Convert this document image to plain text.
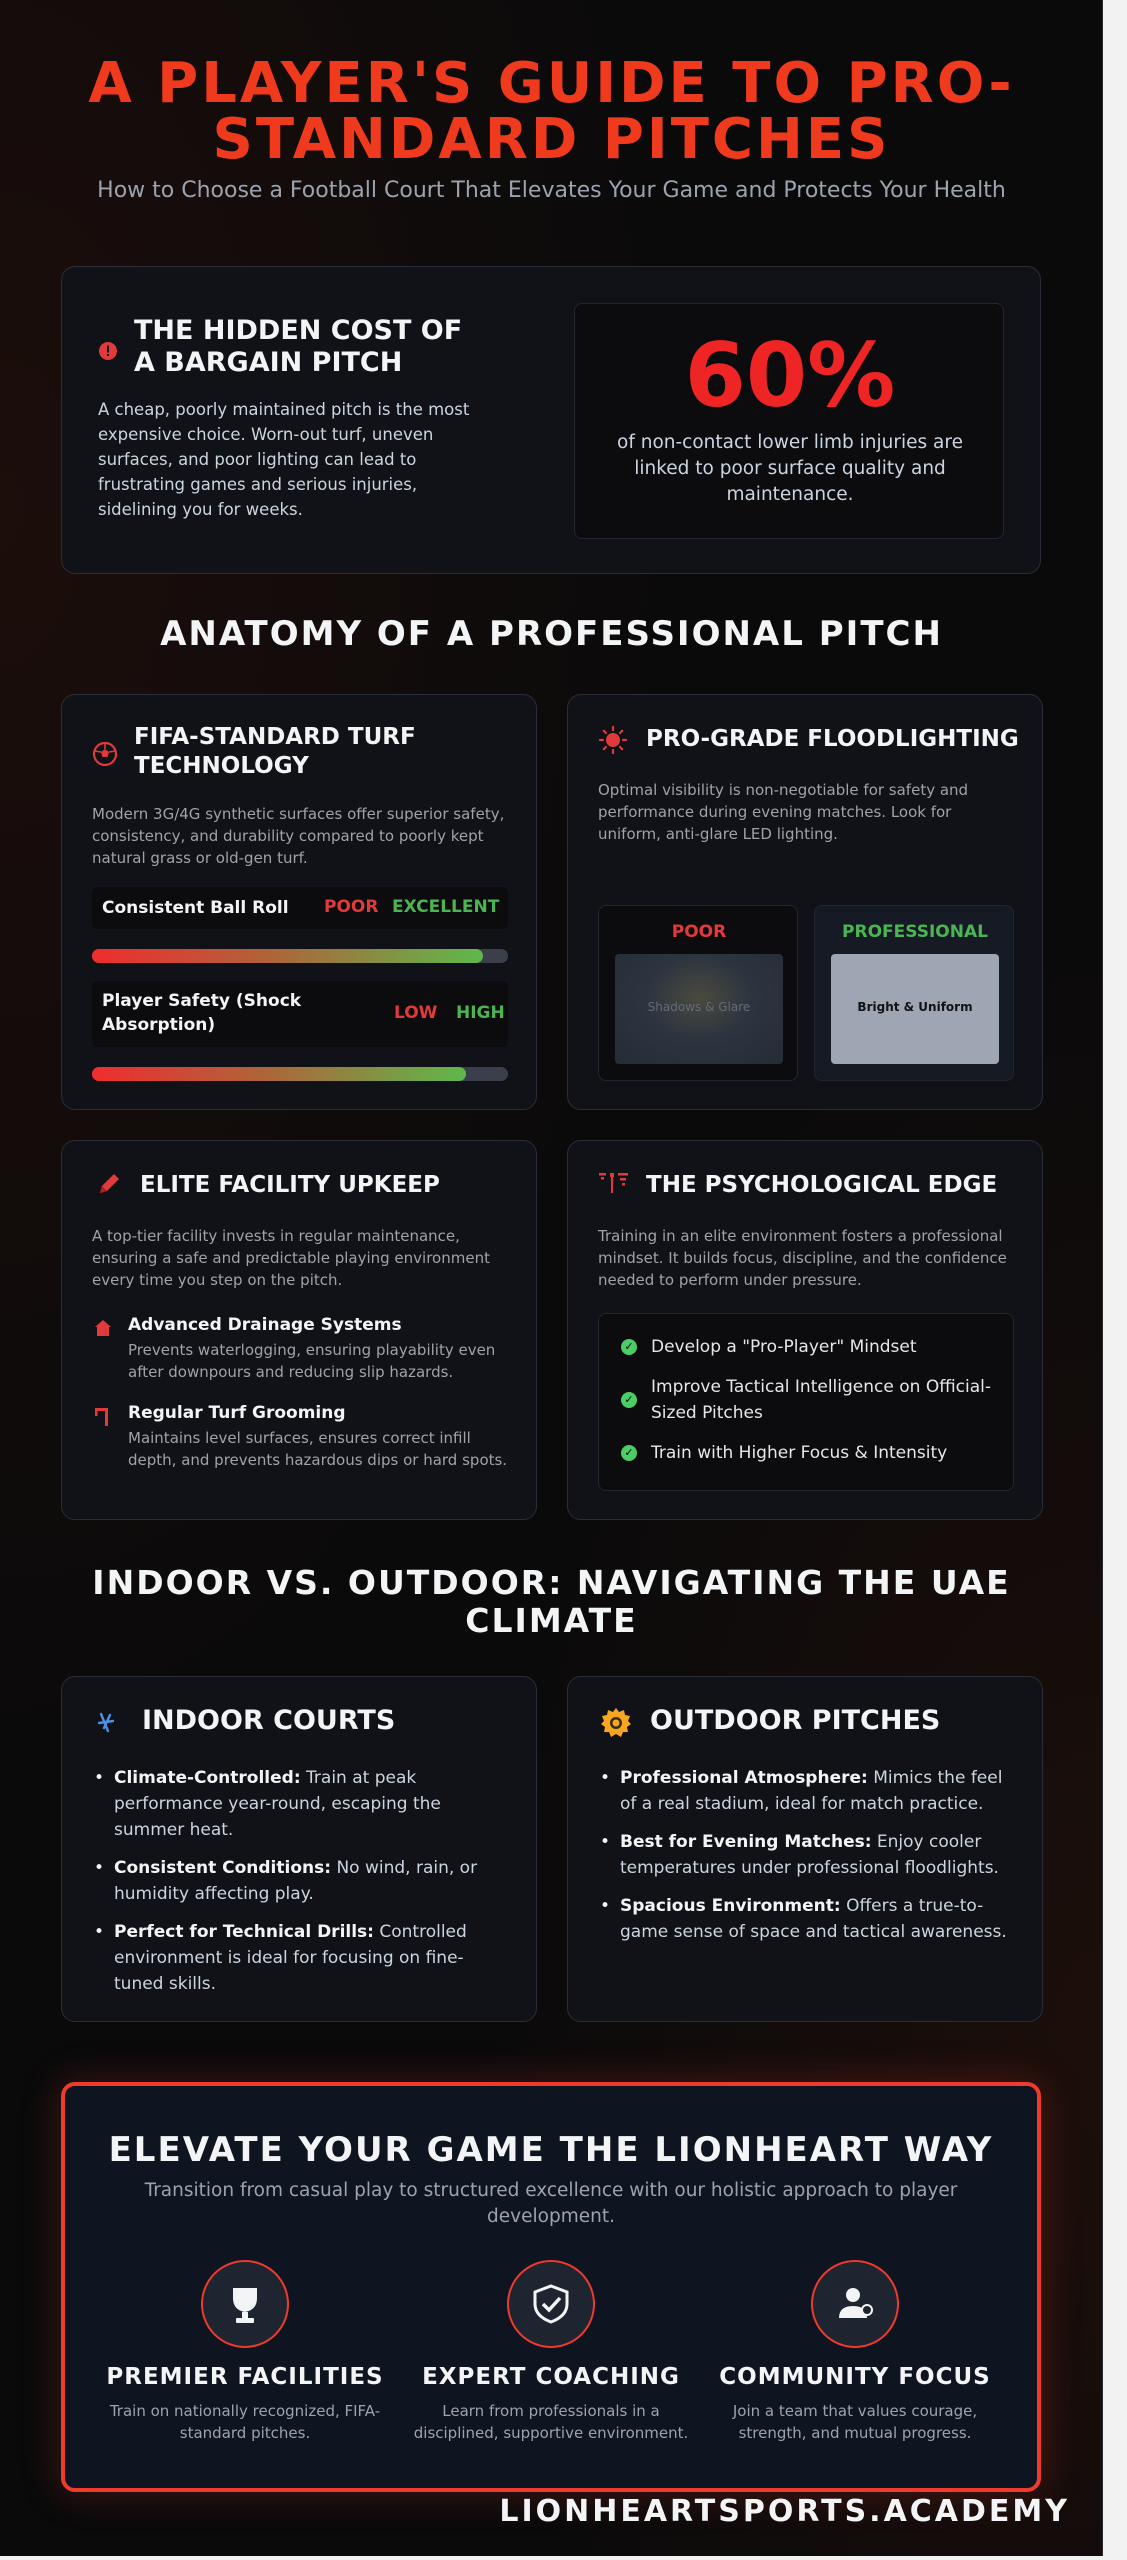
A PLAYER'S GUIDE TO PRO-
STANDARD PITCHES
How to Choose a Football Court That Elevates Your Game and Protects Your Health
THE HIDDEN COST OF
A BARGAIN PITCH
A cheap, poorly maintained pitch is the most expensive choice. Worn-out turf, uneven surfaces, and poor lighting can lead to frustrating games and serious injuries, sidelining you for weeks.
60%
of non-contact lower limb injuries are linked to poor surface quality and maintenance.
ANATOMY OF A PROFESSIONAL PITCH
FIFA-STANDARD TURF
TECHNOLOGY
Modern 3G/4G synthetic surfaces offer superior safety, consistency, and durability compared to poorly kept natural grass or old-gen turf.
Consistent Ball Roll POOR EXCELLENT
Player Safety (Shock
Absorption)
LOW HIGH
PRO-GRADE FLOODLIGHTING
Optimal visibility is non-negotiable for safety and performance during evening matches. Look for uniform, anti-glare LED lighting.
POOR
Shadows & Glare
PROFESSIONAL
Bright & Uniform
ELITE FACILITY UPKEEP
A top-tier facility invests in regular maintenance, ensuring a safe and predictable playing environment every time you step on the pitch.
Advanced Drainage Systems
Prevents waterlogging, ensuring playability even after downpours and reducing slip hazards.
Regular Turf Grooming
Maintains level surfaces, ensures correct infill depth, and prevents hazardous dips or hard spots.
THE PSYCHOLOGICAL EDGE
Training in an elite environment fosters a professional mindset. It builds focus, discipline, and the confidence needed to perform under pressure.
✓ Develop a "Pro-Player" Mindset
✓
Improve Tactical Intelligence on Official-Sized Pitches
✓ Train with Higher Focus & Intensity
INDOOR VS. OUTDOOR: NAVIGATING THE UAE
CLIMATE
INDOOR COURTS
• Climate-Controlled: Train at peak performance year-round, escaping the summer heat.
• Consistent Conditions: No wind, rain, or humidity affecting play.
• Perfect for Technical Drills: Controlled environment is ideal for focusing on fine-tuned skills.
OUTDOOR PITCHES
• Professional Atmosphere: Mimics the feel of a real stadium, ideal for match practice.
• Best for Evening Matches: Enjoy cooler temperatures under professional floodlights.
• Spacious Environment: Offers a true-to-game sense of space and tactical awareness.
ELEVATE YOUR GAME THE LIONHEART WAY
Transition from casual play to structured excellence with our holistic approach to player
development.
PREMIER FACILITIES
Train on nationally recognized, FIFA-
standard pitches.
EXPERT COACHING
Learn from professionals in a
disciplined, supportive environment.
COMMUNITY FOCUS
Join a team that values courage,
strength, and mutual progress.
LIONHEARTSPORTS.ACADEMY
